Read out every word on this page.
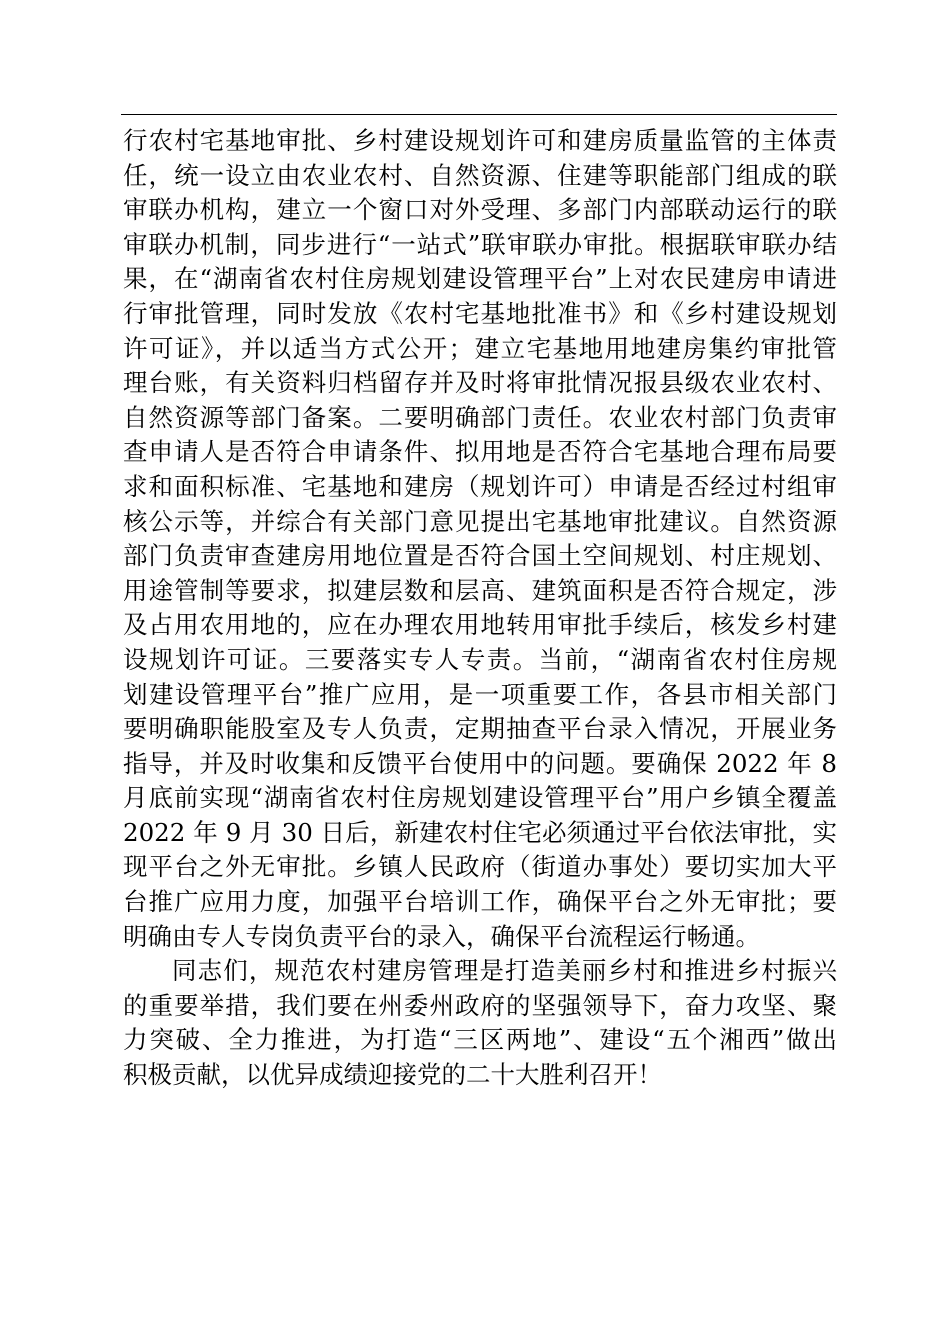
行农村宅基地审批、乡村建设规划许可和建房质量监管的主体责
任，统一设立由农业农村、自然资源、住建等职能部门组成的联
审联办机构，建立一个窗口对外受理、多部门内部联动运行的联
审联办机制，同步进行“一站式”联审联办审批。根据联审联办结
果，在“湖南省农村住房规划建设管理平台”上对农民建房申请进
行审批管理，同时发放《农村宅基地批准书》和《乡村建设规划
许可证》，并以适当方式公开；建立宅基地用地建房集约审批管
理台账，有关资料归档留存并及时将审批情况报县级农业农村、
自然资源等部门备案。二要明确部门责任。农业农村部门负责审
查申请人是否符合申请条件、拟用地是否符合宅基地合理布局要
求和面积标准、宅基地和建房（规划许可）申请是否经过村组审
核公示等，并综合有关部门意见提出宅基地审批建议。自然资源
部门负责审查建房用地位置是否符合国土空间规划、村庄规划、
用途管制等要求，拟建层数和层高、建筑面积是否符合规定，涉
及占用农用地的，应在办理农用地转用审批手续后，核发乡村建
设规划许可证。三要落实专人专责。当前，“湖南省农村住房规
划建设管理平台”推广应用，是一项重要工作，各县市相关部门
要明确职能股室及专人负责，定期抽查平台录入情况，开展业务
指导，并及时收集和反馈平台使用中的问题。要确保 2022 年 8
月底前实现“湖南省农村住房规划建设管理平台”用户乡镇全覆盖
2022 年 9 月 30 日后，新建农村住宅必须通过平台依法审批，实
现平台之外无审批。乡镇人民政府（街道办事处）要切实加大平
台推广应用力度，加强平台培训工作，确保平台之外无审批；要
明确由专人专岗负责平台的录入，确保平台流程运行畅通。
同志们，规范农村建房管理是打造美丽乡村和推进乡村振兴
的重要举措，我们要在州委州政府的坚强领导下，奋力攻坚、聚
力突破、全力推进，为打造“三区两地”、建设“五个湘西”做出
积极贡献，以优异成绩迎接党的二十大胜利召开！
